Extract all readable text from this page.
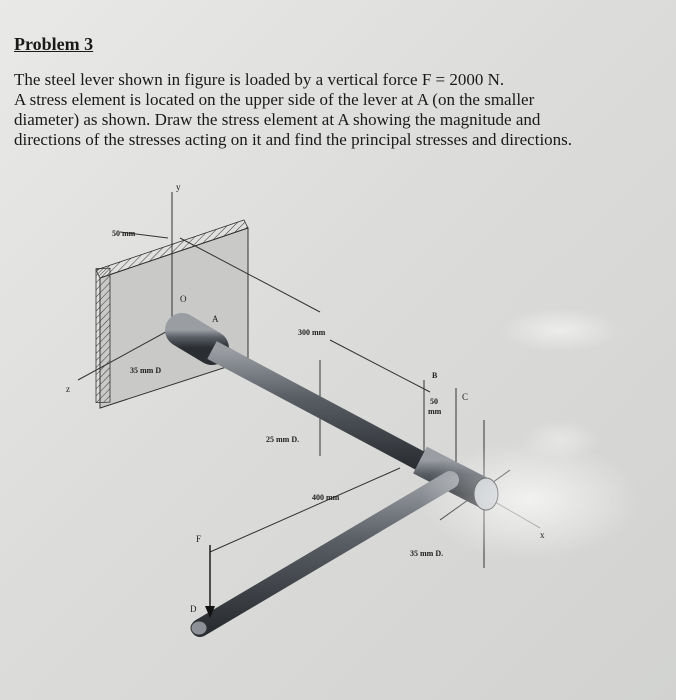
Problem 3
The steel lever shown in figure is loaded by a vertical force F = 2000 N.
A stress element is located on the upper side of the lever at A (on the smaller
diameter) as shown. Draw the stress element at A showing the magnitude and
directions of the stresses acting on it and find the principal stresses and directions.
y
z
x
O
A
B
C
D
F
50 mm
35 mm D
300 mm
25 mm D.
50
mm
400 mm
35 mm D.
